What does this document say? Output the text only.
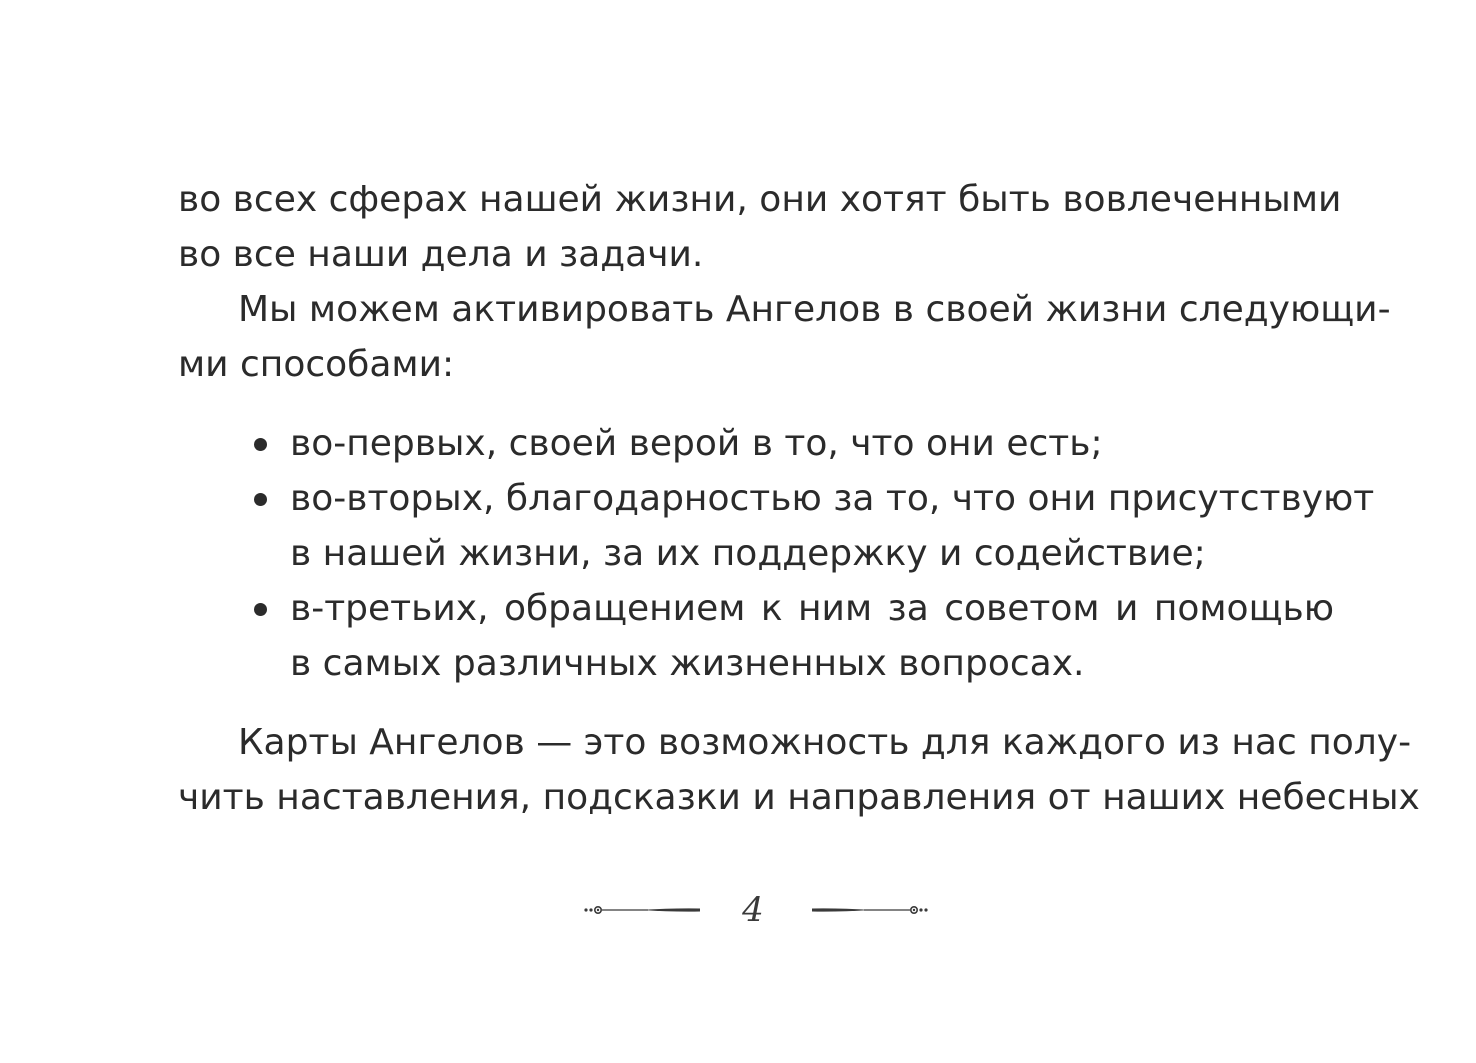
во всех сферах нашей жизни, они хотят быть вовлеченными
во все наши дела и задачи.
Мы можем активировать Ангелов в своей жизни следующи-
ми способами:
во-первых, своей верой в то, что они есть;
во-вторых, благодарностью за то, что они присутствуют
в нашей жизни, за их поддержку и содействие;
в-третьих, обращением к ним за советом и помощью
в самых различных жизненных вопросах.
Карты Ангелов — это возможность для каждого из нас полу-
чить наставления, подсказки и направления от наших небесных
4
